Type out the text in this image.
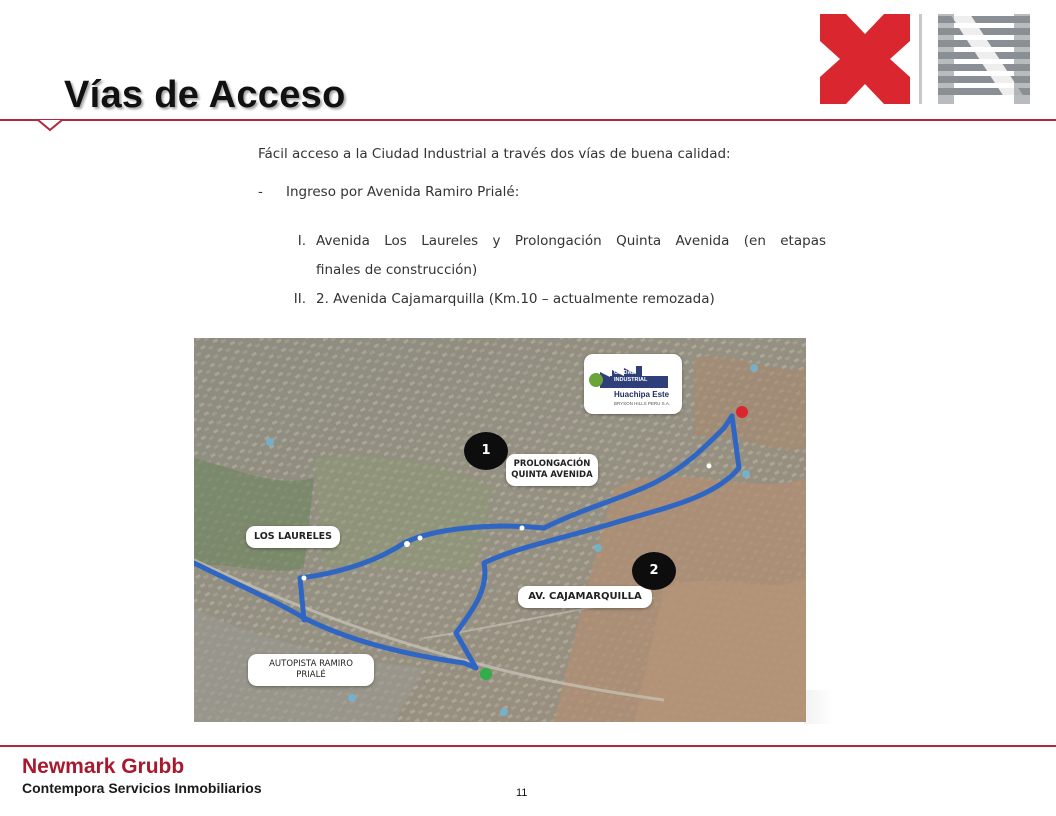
Vías de Acceso
Fácil acceso a la Ciudad Industrial a través dos vías de buena calidad:
- Ingreso por Avenida Ramiro Prialé:
I. Avenida Los Laureles y Prolongación Quinta Avenida (en etapas
finales de construcción)
II. 2. Avenida Cajamarquilla (Km.10 – actualmente remozada)
CIUDAD
INDUSTRIAL
Huachipa Este
BRYSON HILLS PERU S.A.
PROLONGACIÓN
QUINTA AVENIDA
LOS LAURELES
AV. CAJAMARQUILLA
AUTOPISTA RAMIRO
PRIALÉ
1
2
Newmark Grubb
Contempora Servicios Inmobiliarios	11
